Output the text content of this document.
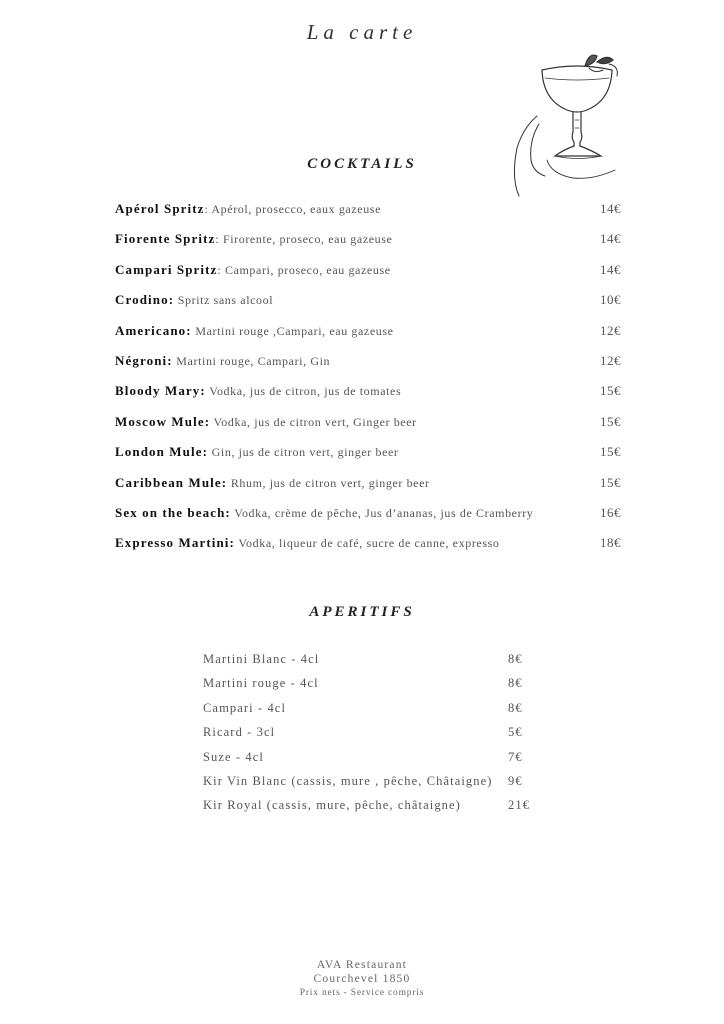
La carte
COCKTAILS
Apérol Spritz: Apérol, prosecco, eaux gazeuse	14€
Fiorente Spritz: Firorente, proseco, eau gazeuse	14€
Campari Spritz: Campari, proseco, eau gazeuse	14€
Crodino: Spritz sans alcool	10€
Americano: Martini rouge ,Campari, eau gazeuse	12€
Négroni: Martini rouge, Campari, Gin	12€
Bloody Mary: Vodka, jus de citron, jus de tomates	15€
Moscow Mule: Vodka, jus de citron vert, Ginger beer	15€
London Mule: Gin, jus de citron vert, ginger beer	15€
Caribbean Mule: Rhum, jus de citron vert, ginger beer	15€
Sex on the beach: Vodka, crème de pêche, Jus d’ananas, jus de Cramberry	16€
Expresso Martini: Vodka, liqueur de café, sucre de canne, expresso	18€
APERITIFS
Martini Blanc - 4cl	8€
Martini rouge - 4cl	8€
Campari - 4cl	8€
Ricard - 3cl	5€
Suze - 4cl	7€
Kir Vin Blanc (cassis, mure , pêche, Châtaigne)	9€
Kir Royal (cassis, mure, pêche, châtaigne)	21€
AVA Restaurant
Courchevel 1850
Prix nets - Service compris
